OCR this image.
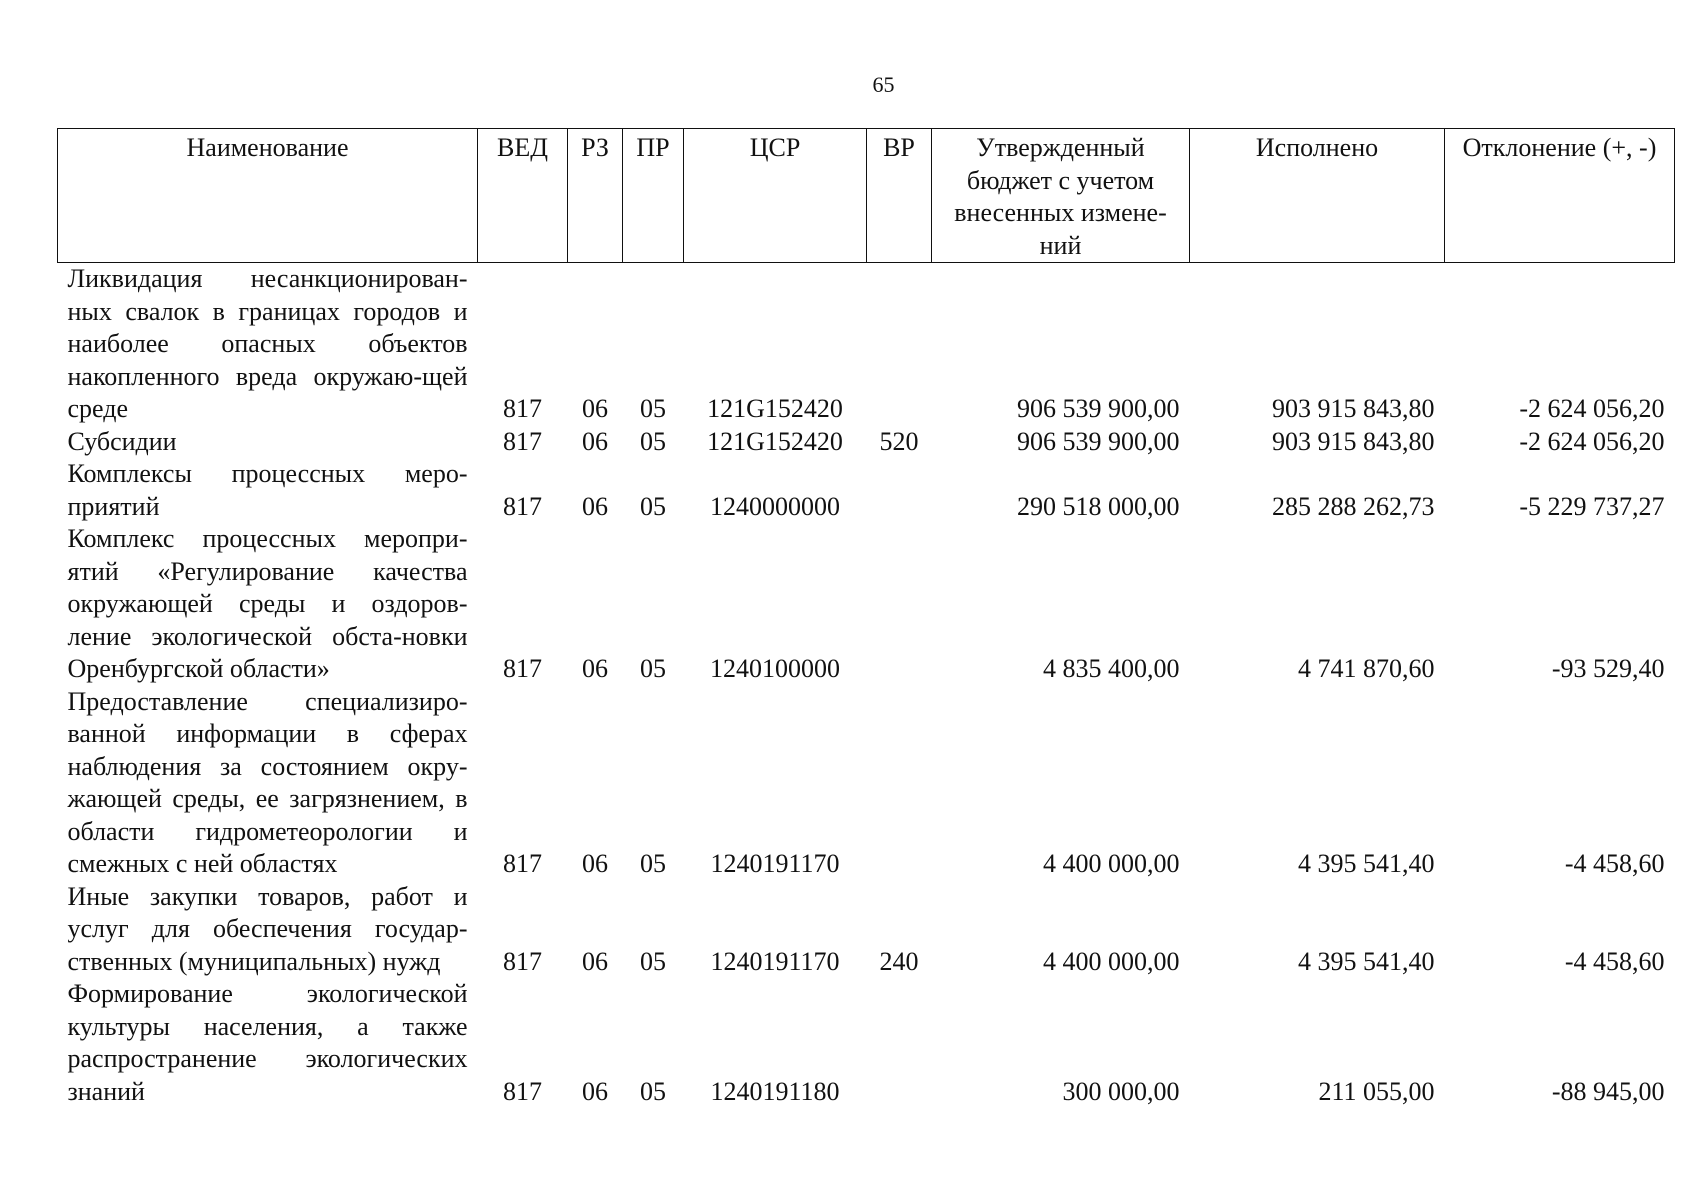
65
Наименование	ВЕД	РЗ	ПР	ЦСР	ВР	Утвержденный бюджет с учетом внесенных измене-ний	Исполнено	Отклонение (+, -)
Ликвидация несанкционирован-ных свалок в границах городов и наиболее опасных объектов накопленного вреда окружаю-щей среде	817	06	05	121G152420		906 539 900,00	903 915 843,80	-2 624 056,20
Субсидии	817	06	05	121G152420	520	906 539 900,00	903 915 843,80	-2 624 056,20
Комплексы процессных меро-приятий	817	06	05	1240000000		290 518 000,00	285 288 262,73	-5 229 737,27
Комплекс процессных меропри-ятий «Регулирование качества окружающей среды и оздоров-ление экологической обста-новки Оренбургской области»	817	06	05	1240100000		4 835 400,00	4 741 870,60	-93 529,40
Предоставление специализиро-ванной информации в сферах наблюдения за состоянием окру-жающей среды, ее загрязнением, в области гидрометеорологии и смежных с ней областях	817	06	05	1240191170		4 400 000,00	4 395 541,40	-4 458,60
Иные закупки товаров, работ и услуг для обеспечения государ-ственных (муниципальных) нужд	817	06	05	1240191170	240	4 400 000,00	4 395 541,40	-4 458,60
Формирование экологической культуры населения, а также распространение экологических знаний	817	06	05	1240191180		300 000,00	211 055,00	-88 945,00
